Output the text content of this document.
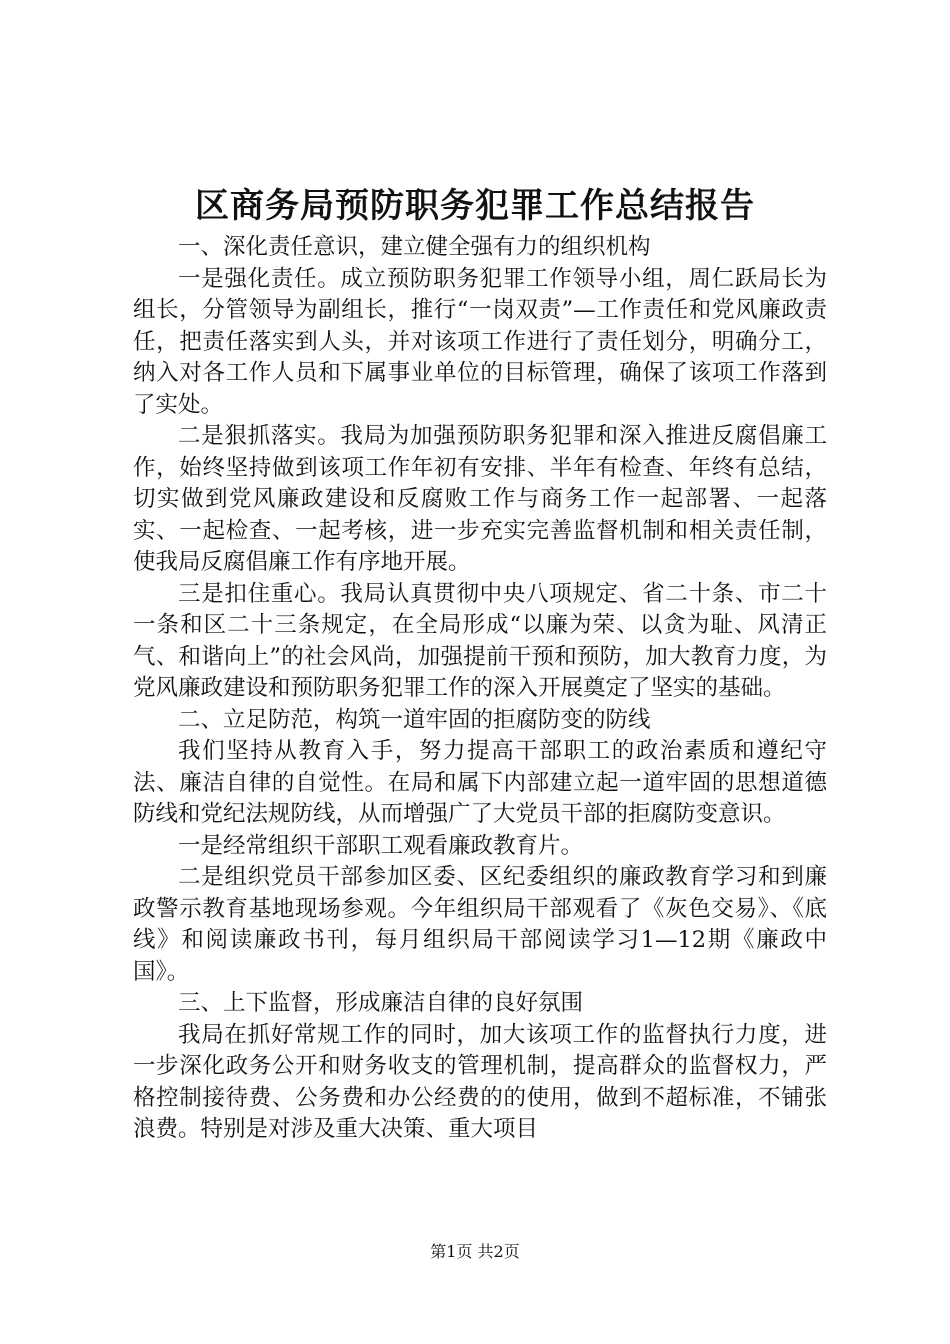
区商务局预防职务犯罪工作总结报告

一、深化责任意识，建立健全强有力的组织机构

一是强化责任。成立预防职务犯罪工作领导小组，周仁跃局长为组长，分管领导为副组长，推行“一岗双责”—工作责任和党风廉政责任，把责任落实到人头，并对该项工作进行了责任划分，明确分工，纳入对各工作人员和下属事业单位的目标管理，确保了该项工作落到了实处。

二是狠抓落实。我局为加强预防职务犯罪和深入推进反腐倡廉工作，始终坚持做到该项工作年初有安排、半年有检查、年终有总结，切实做到党风廉政建设和反腐败工作与商务工作一起部署、一起落实、一起检查、一起考核，进一步充实完善监督机制和相关责任制，使我局反腐倡廉工作有序地开展。

三是扣住重心。我局认真贯彻中央八项规定、省二十条、市二十一条和区二十三条规定，在全局形成“以廉为荣、以贪为耻、风清正气、和谐向上”的社会风尚，加强提前干预和预防，加大教育力度，为党风廉政建设和预防职务犯罪工作的深入开展奠定了坚实的基础。

二、立足防范，构筑一道牢固的拒腐防变的防线

我们坚持从教育入手，努力提高干部职工的政治素质和遵纪守法、廉洁自律的自觉性。在局和属下内部建立起一道牢固的思想道德防线和党纪法规防线，从而增强广了大党员干部的拒腐防变意识。

一是经常组织干部职工观看廉政教育片。

二是组织党员干部参加区委、区纪委组织的廉政教育学习和到廉政警示教育基地现场参观。今年组织局干部观看了《灰色交易》、《底线》和阅读廉政书刊，每月组织局干部阅读学习1—12期《廉政中国》。

三、上下监督，形成廉洁自律的良好氛围

我局在抓好常规工作的同时，加大该项工作的监督执行力度，进一步深化政务公开和财务收支的管理机制，提高群众的监督权力，严格控制接待费、公务费和办公经费的的使用，做到不超标准，不铺张浪费。特别是对涉及重大决策、重大项目

第1页 共2页
